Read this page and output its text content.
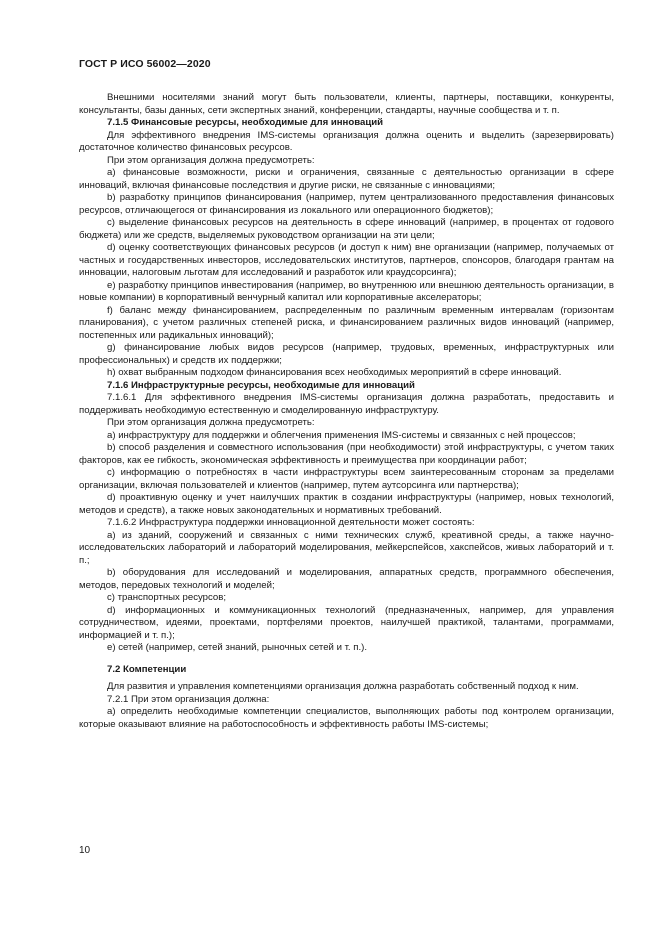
ГОСТ Р ИСО 56002—2020

Внешними носителями знаний могут быть пользователи, клиенты, партнеры, поставщики, конкуренты, консультанты, базы данных, сети экспертных знаний, конференции, стандарты, научные сообщества и т. п.

7.1.5 Финансовые ресурсы, необходимые для инноваций

Для эффективного внедрения IMS-системы организация должна оценить и выделить (зарезервировать) достаточное количество финансовых ресурсов.

При этом организация должна предусмотреть:

a) финансовые возможности, риски и ограничения, связанные с деятельностью организации в сфере инноваций, включая финансовые последствия и другие риски, не связанные с инновациями;

b) разработку принципов финансирования (например, путем централизованного предоставления финансовых ресурсов, отличающегося от финансирования из локального или операционного бюджетов);

c) выделение финансовых ресурсов на деятельность в сфере инноваций (например, в процентах от годового бюджета) или же средств, выделяемых руководством организации на эти цели;

d) оценку соответствующих финансовых ресурсов (и доступ к ним) вне организации (например, получаемых от частных и государственных инвесторов, исследовательских институтов, партнеров, спонсоров, благодаря грантам на инновации, налоговым льготам для исследований и разработок или краудсорсинга);

e) разработку принципов инвестирования (например, во внутреннюю или внешнюю деятельность организации, в новые компании) в корпоративный венчурный капитал или корпоративные акселераторы;

f) баланс между финансированием, распределенным по различным временным интервалам (горизонтам планирования), с учетом различных степеней риска, и финансированием различных видов инноваций (например, постепенных или радикальных инноваций);

g) финансирование любых видов ресурсов (например, трудовых, временных, инфраструктурных или профессиональных) и средств их поддержки;

h) охват выбранным подходом финансирования всех необходимых мероприятий в сфере инноваций.

7.1.6 Инфраструктурные ресурсы, необходимые для инноваций

7.1.6.1 Для эффективного внедрения IMS-системы организация должна разработать, предоставить и поддерживать необходимую естественную и смоделированную инфраструктуру.

При этом организация должна предусмотреть:

a) инфраструктуру для поддержки и облегчения применения IMS-системы и связанных с ней процессов;

b) способ разделения и совместного использования (при необходимости) этой инфраструктуры, с учетом таких факторов, как ее гибкость, экономическая эффективность и преимущества при координации работ;

c) информацию о потребностях в части инфраструктуры всем заинтересованным сторонам за пределами организации, включая пользователей и клиентов (например, путем аутсорсинга или партнерства);

d) проактивную оценку и учет наилучших практик в создании инфраструктуры (например, новых технологий, методов и средств), а также новых законодательных и нормативных требований.

7.1.6.2 Инфраструктура поддержки инновационной деятельности может состоять:

a) из зданий, сооружений и связанных с ними технических служб, креативной среды, а также научно-исследовательских лабораторий и лабораторий моделирования, мейкерспейсов, хакспейсов, живых лабораторий и т. п.;

b) оборудования для исследований и моделирования, аппаратных средств, программного обеспечения, методов, передовых технологий и моделей;

c) транспортных ресурсов;

d) информационных и коммуникационных технологий (предназначенных, например, для управления сотрудничеством, идеями, проектами, портфелями проектов, наилучшей практикой, талантами, программами, информацией и т. п.);

e) сетей (например, сетей знаний, рыночных сетей и т. п.).

7.2 Компетенции

Для развития и управления компетенциями организация должна разработать собственный подход к ним.

7.2.1 При этом организация должна:

a) определить необходимые компетенции специалистов, выполняющих работы под контролем организации, которые оказывают влияние на работоспособность и эффективность работы IMS-системы;

10
